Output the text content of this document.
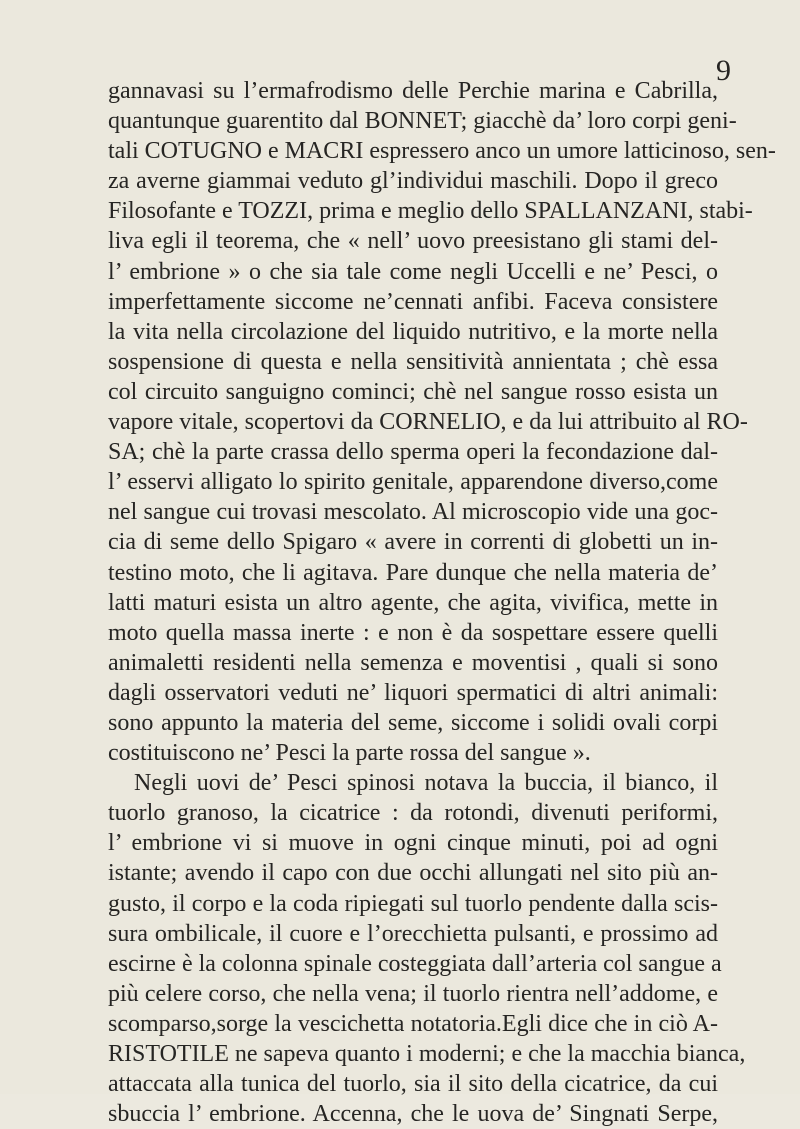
9
gannavasi su l’ermafrodismo delle Perchie marina e Cabrilla,
quantunque guarentito dal BONNET; giacchè da’ loro corpi geni-
tali COTUGNO e MACRI espressero anco un umore latticinoso, sen-
za averne giammai veduto gl’individui maschili. Dopo il greco
Filosofante e TOZZI, prima e meglio dello SPALLANZANI, stabi-
liva egli il teorema, che « nell’ uovo preesistano gli stami del-
l’ embrione » o che sia tale come negli Uccelli e ne’ Pesci, o
imperfettamente siccome ne’cennati anfibi. Faceva consistere
la vita nella circolazione del liquido nutritivo, e la morte nella
sospensione di questa e nella sensitività annientata ; chè essa
col circuito sanguigno cominci; chè nel sangue rosso esista un
vapore vitale, scopertovi da CORNELIO, e da lui attribuito al RO-
SA; chè la parte crassa dello sperma operi la fecondazione dal-
l’ esservi alligato lo spirito genitale, apparendone diverso,come
nel sangue cui trovasi mescolato. Al microscopio vide una goc-
cia di seme dello Spigaro « avere in correnti di globetti un in-
testino moto, che li agitava. Pare dunque che nella materia de’
latti maturi esista un altro agente, che agita, vivifica, mette in
moto quella massa inerte : e non è da sospettare essere quelli
animaletti residenti nella semenza e moventisi , quali si sono
dagli osservatori veduti ne’ liquori spermatici di altri animali:
sono appunto la materia del seme, siccome i solidi ovali corpi
costituiscono ne’ Pesci la parte rossa del sangue ».
Negli uovi de’ Pesci spinosi notava la buccia, il bianco, il
tuorlo granoso, la cicatrice : da rotondi, divenuti periformi,
l’ embrione vi si muove in ogni cinque minuti, poi ad ogni
istante; avendo il capo con due occhi allungati nel sito più an-
gusto, il corpo e la coda ripiegati sul tuorlo pendente dalla scis-
sura ombilicale, il cuore e l’orecchietta pulsanti, e prossimo ad
escirne è la colonna spinale costeggiata dall’arteria col sangue a
più celere corso, che nella vena; il tuorlo rientra nell’addome, e
scomparso,sorge la vescichetta notatoria.Egli dice che in ciò A-
RISTOTILE ne sapeva quanto i moderni; e che la macchia bianca,
attaccata alla tunica del tuorlo, sia il sito della cicatrice, da cui
sbuccia l’ embrione. Accenna, che le uova de’ Singnati Serpe,
